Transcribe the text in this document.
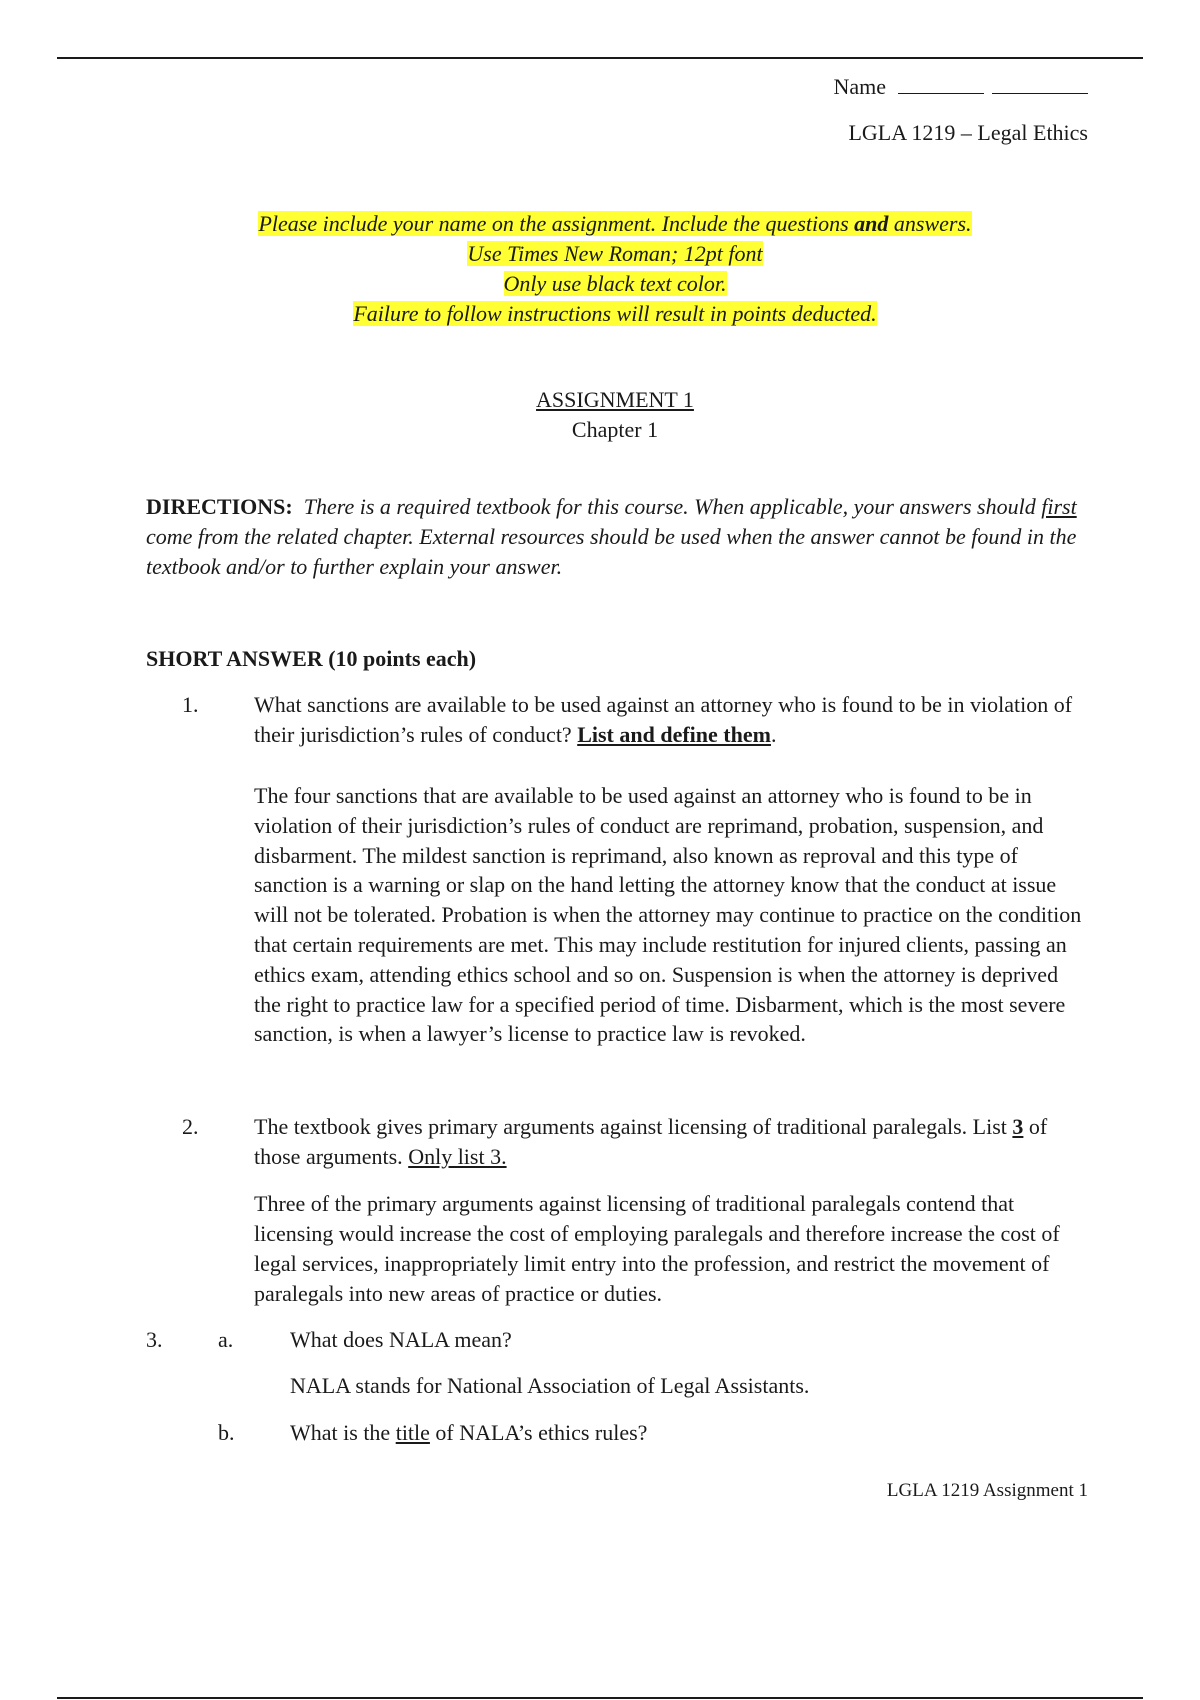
Name
LGLA 1219 – Legal Ethics
Please include your name on the assignment. Include the questions and answers.
Use Times New Roman; 12pt font
Only use black text color.
Failure to follow instructions will result in points deducted.
ASSIGNMENT 1
Chapter 1
DIRECTIONS: There is a required textbook for this course. When applicable, your answers should first come from the related chapter. External resources should be used when the answer cannot be found in the textbook and/or to further explain your answer.
SHORT ANSWER (10 points each)
1.	What sanctions are available to be used against an attorney who is found to be in violation of their jurisdiction’s rules of conduct? List and define them.
The four sanctions that are available to be used against an attorney who is found to be in violation of their jurisdiction’s rules of conduct are reprimand, probation, suspension, and disbarment. The mildest sanction is reprimand, also known as reproval and this type of sanction is a warning or slap on the hand letting the attorney know that the conduct at issue will not be tolerated. Probation is when the attorney may continue to practice on the condition that certain requirements are met. This may include restitution for injured clients, passing an ethics exam, attending ethics school and so on. Suspension is when the attorney is deprived the right to practice law for a specified period of time. Disbarment, which is the most severe sanction, is when a lawyer’s license to practice law is revoked.
2.	The textbook gives primary arguments against licensing of traditional paralegals. List 3 of those arguments. Only list 3.
Three of the primary arguments against licensing of traditional paralegals contend that licensing would increase the cost of employing paralegals and therefore increase the cost of legal services, inappropriately limit entry into the profession, and restrict the movement of paralegals into new areas of practice or duties.
3.	a.	What does NALA mean?
NALA stands for National Association of Legal Assistants.
b.	What is the title of NALA’s ethics rules?
LGLA 1219 Assignment 1
